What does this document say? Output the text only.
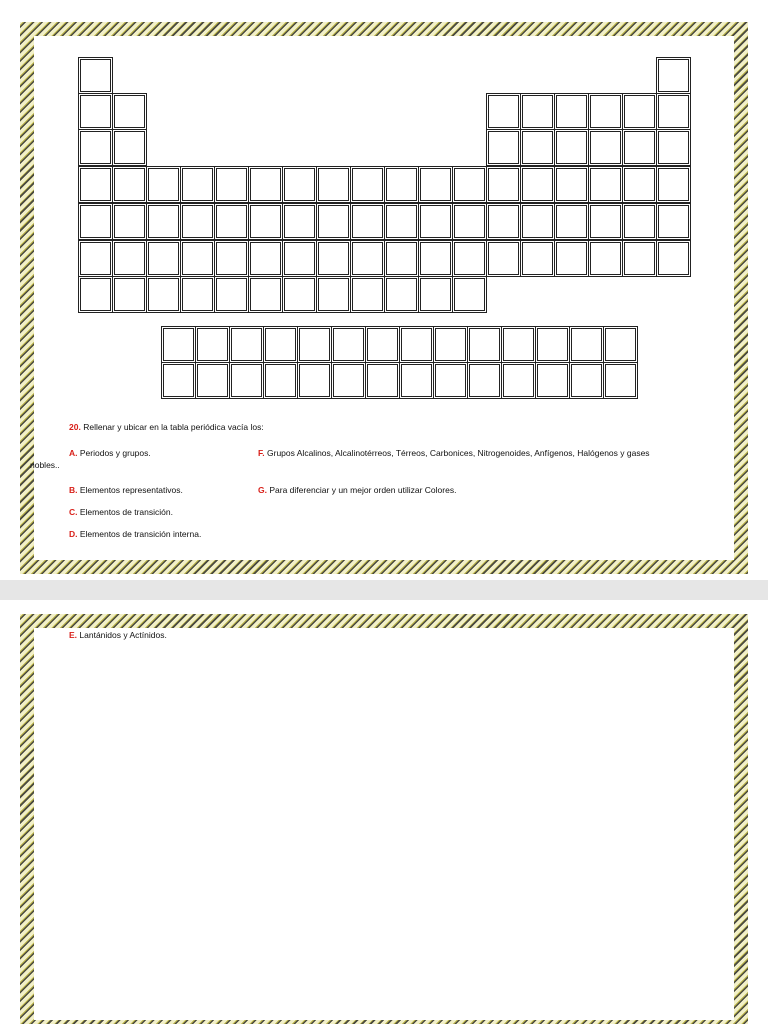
20. Rellenar y ubicar en la tabla periódica vacía los:
A. Periodos y grupos.	F. Grupos Alcalinos, Alcalinotérreos, Térreos, Carbonices, Nitrogenoides, Anfígenos, Halógenos y gases
nobles..
B. Elementos representativos.	G. Para diferenciar y un mejor orden utilizar Colores.
C. Elementos de transición.
D. Elementos de transición interna.
E. Lantánidos y Actínidos.
